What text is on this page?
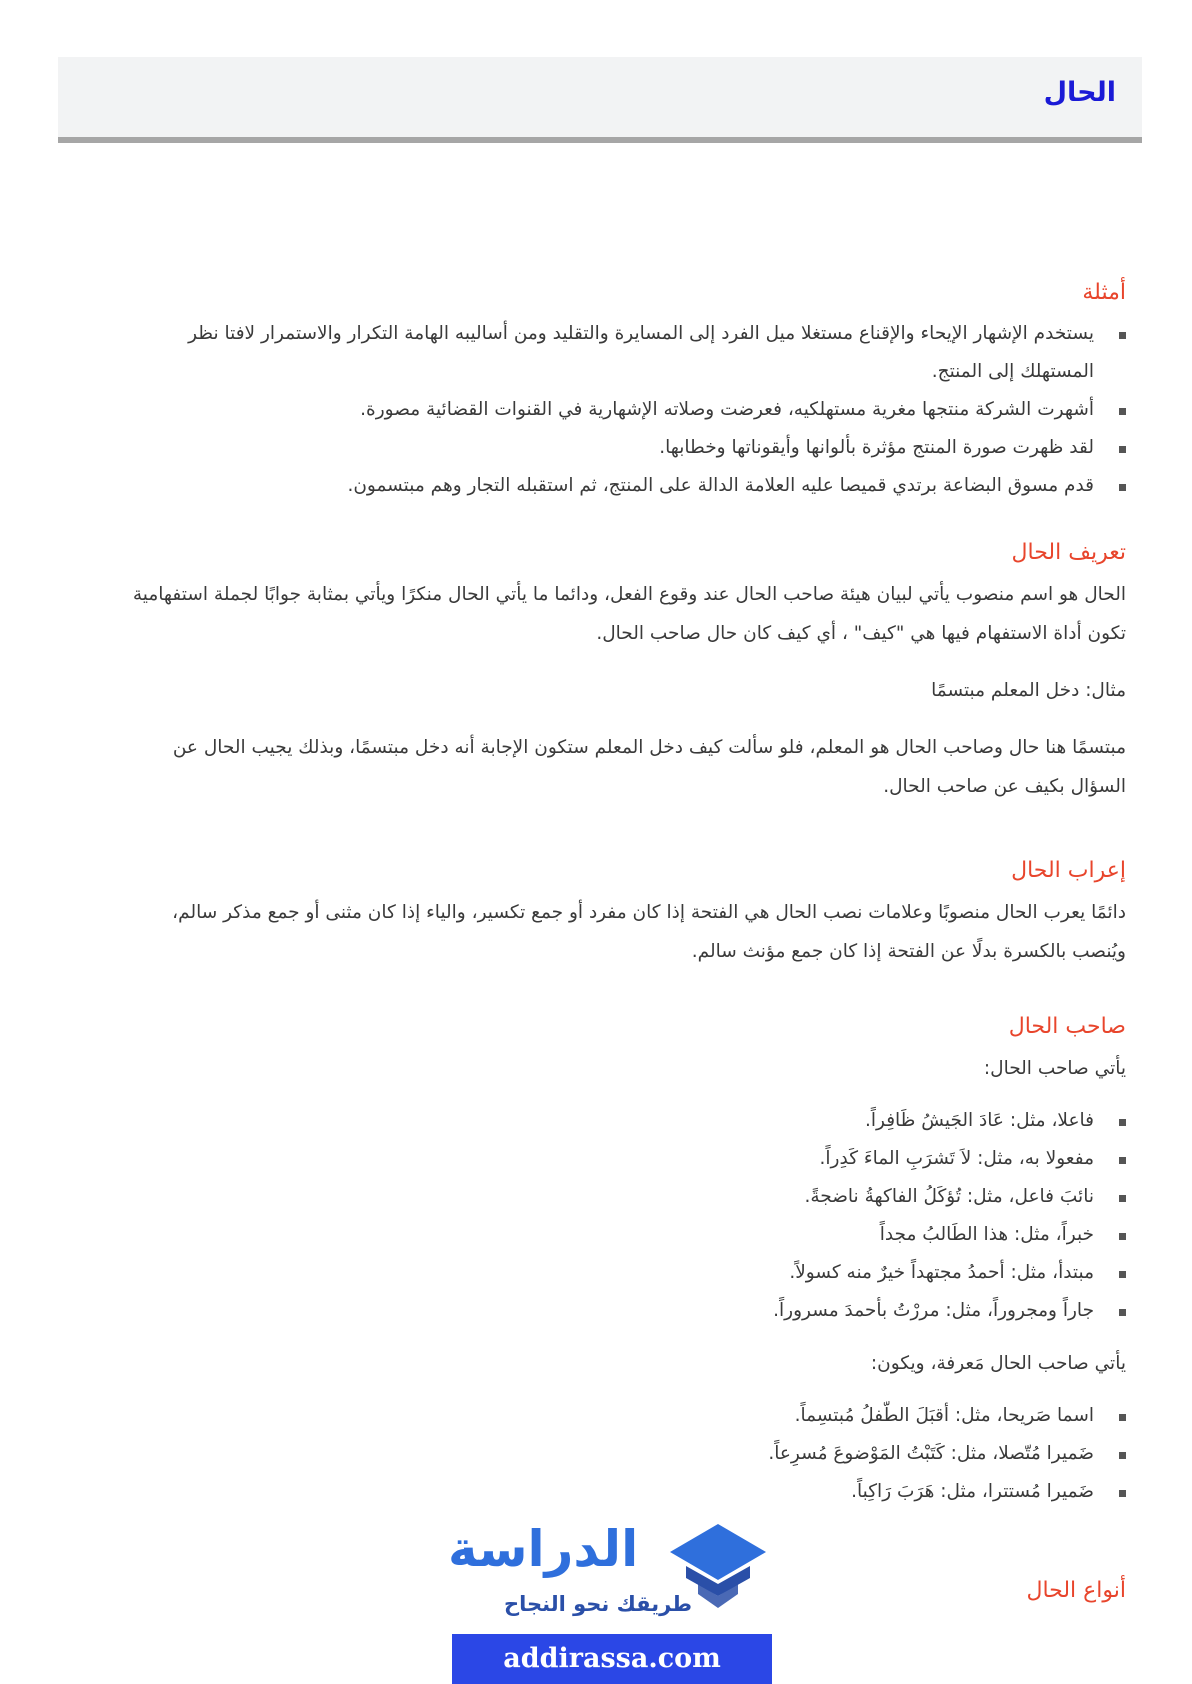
الحال
أمثلة
يستخدم الإشهار الإيحاء والإقناع مستغلا ميل الفرد إلى المسايرة والتقليد ومن أساليبه الهامة التكرار والاستمرار لافتا نظر المستهلك إلى المنتج.
أشهرت الشركة منتجها مغرية مستهلكيه، فعرضت وصلاته الإشهارية في القنوات القضائية مصورة.
لقد ظهرت صورة المنتج مؤثرة بألوانها وأيقوناتها وخطابها.
قدم مسوق البضاعة برتدي قميصا عليه العلامة الدالة على المنتج، ثم استقبله التجار وهم مبتسمون.
تعريف الحال

الحال هو اسم منصوب يأتي لبيان هيئة صاحب الحال عند وقوع الفعل، ودائما ما يأتي الحال منكرًا ويأتي بمثابة جوابًا لجملة استفهامية تكون أداة الاستفهام فيها هي "كيف" ، أي كيف كان حال صاحب الحال.

مثال: دخل المعلم مبتسمًا

مبتسمًا هنا حال وصاحب الحال هو المعلم، فلو سألت كيف دخل المعلم ستكون الإجابة أنه دخل مبتسمًا، وبذلك يجيب الحال عن السؤال بكيف عن صاحب الحال.

إعراب الحال

دائمًا يعرب الحال منصوبًا وعلامات نصب الحال هي الفتحة إذا كان مفرد أو جمع تكسير، والياء إذا كان مثنى أو جمع مذكر سالم، ويُنصب بالكسرة بدلًا عن الفتحة إذا كان جمع مؤنث سالم.

صاحب الحال

يأتي صاحب الحال:

فاعلا، مثل: عَادَ الجَيشُ ظَافِراً.
مفعولا به، مثل: لاَ تَشرَبِ الماءَ كَدِراً.
نائبَ فاعل، مثل: تُؤكَلُ الفاكهةُ ناضجةً.
خبراً، مثل: هذا الطَالبُ مجداً
مبتدأ، مثل: أحمدُ مجتهداً خيرٌ منه كسولاً.
جاراً ومجروراً، مثل: مررْتُ بأحمدَ مسروراً.

يأتي صاحب الحال مَعرفة، ويكون:

اسما صَريحا، مثل: أقبَلَ الطّفلُ مُبتسِماً.
ضَميرا مُتّصلا، مثل: كَتَبْتُ المَوْضوعَ مُسرِعاً.
ضَميرا مُستترا، مثل: هَرَبَ رَاكِباً.
أنواع الحال
الدراسة
طريقك نحو النجاح
addirassa.com
